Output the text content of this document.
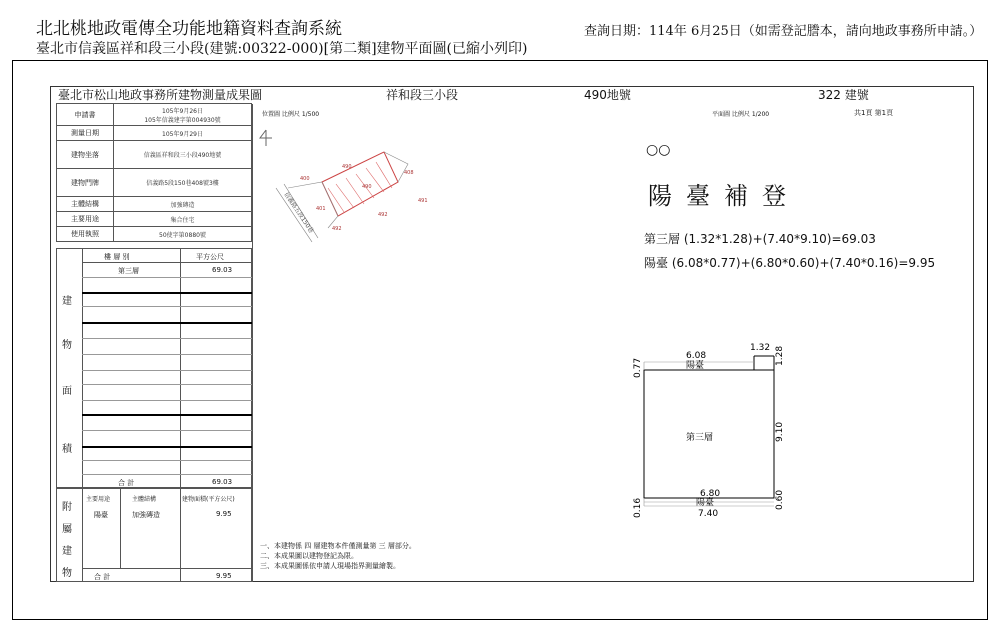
北北桃地政電傳全功能地籍資料查詢系統
臺北市信義區祥和段三小段(建號:00322-000)[第二類]建物平面圖(已縮小列印)
查詢日期：114年 6月25日（如需登記謄本，請向地政事務所申請。）
臺北市松山地政事務所建物測量成果圖	祥和段三小段	490地號	322 建號
申請書	105年9月26日
105年信義建字第004930號
測量日期	105年9月29日
建物坐落	信義區祥和段三小段490地號
建物門牌	信義路5段150巷408號3樓
主體結構	加強磚造
主要用途	集合住宅
使用執照	50使字第0880號
樓 層 別	平方公尺
第三層	69.03
建
物
面
積
合 計	69.03
主要用途	主體結構	建物面積(平方公尺)
陽臺	加強磚造	9.95
附
屬
建
物	合 計	9.95
位置圖 比例尺 1/500	平面圖 比例尺 1/200	共1頁 第1頁
490
408
400
490
401
492
492
491
信義路五段150巷
○○
陽臺補登
第三層 (1.32*1.28)+(7.40*9.10)=69.03
陽臺 (6.08*0.77)+(6.80*0.60)+(7.40*0.16)=9.95
6.08
陽臺
1.32 1.28
0.77
9.10
第三層
6.80
陽臺
7.40
0.16	0.60
一、本建物係 四 層建物本件僅測量第 三 層部分。
二、本成果圖以建物登記為限。
三、本成果圖係依申請人現場指界測量繪製。
